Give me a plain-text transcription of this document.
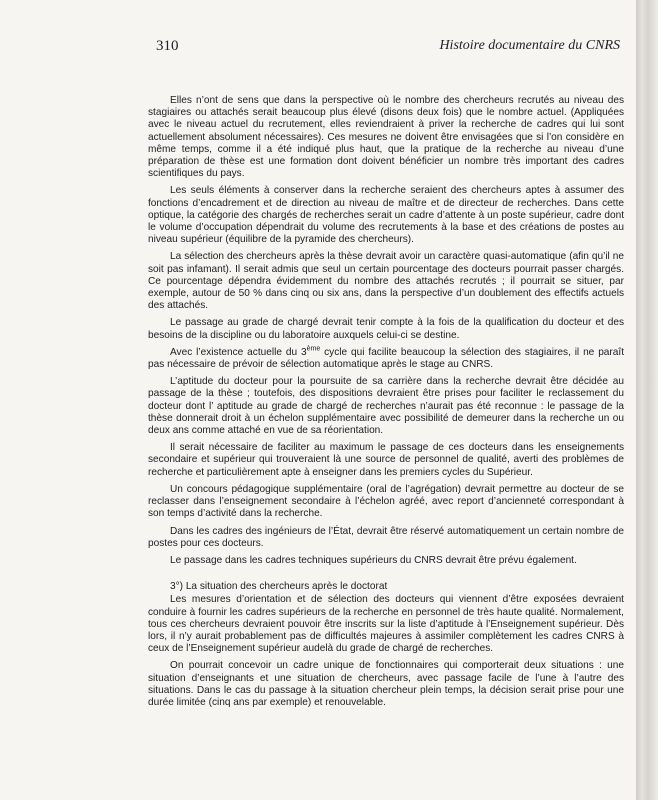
310	Histoire documentaire du CNRS

Elles n’ont de sens que dans la perspective où le nombre des chercheurs recrutés au niveau des stagiaires ou attachés serait beaucoup plus élevé (disons deux fois) que le nombre actuel. (Appliquées avec le niveau actuel du recrutement, elles reviendraient à priver la recherche de cadres qui lui sont actuellement absolument nécessaires). Ces mesures ne doivent être envisagées que si l’on considère en même temps, comme il a été indiqué plus haut, que la pratique de la recherche au niveau d’une préparation de thèse est une formation dont doivent bénéficier un nombre très important des cadres scientifiques du pays.

Les seuls éléments à conserver dans la recherche seraient des chercheurs aptes à assumer des fonctions d’encadrement et de direction au niveau de maître et de directeur de recherches. Dans cette optique, la catégorie des chargés de recherches serait un cadre d’attente à un poste supérieur, cadre dont le volume d’occupation dépendrait du volume des recrutements à la base et des créations de postes au niveau supérieur (équilibre de la pyramide des chercheurs).

La sélection des chercheurs après la thèse devrait avoir un caractère quasi-automatique (afin qu’il ne soit pas infamant). Il serait admis que seul un certain pourcentage des docteurs pourrait passer chargés. Ce pourcentage dépendra évidemment du nombre des attachés recrutés ; il pourrait se situer, par exemple, autour de 50 % dans cinq ou six ans, dans la perspective d’un doublement des effectifs actuels des attachés.

Le passage au grade de chargé devrait tenir compte à la fois de la qualification du docteur et des besoins de la discipline ou du laboratoire auxquels celui-ci se destine.

Avec l’existence actuelle du 3ème cycle qui facilite beaucoup la sélection des stagiaires, il ne paraît pas nécessaire de prévoir de sélection automatique après le stage au CNRS.

L’aptitude du docteur pour la poursuite de sa carrière dans la recherche devrait être décidée au passage de la thèse ; toutefois, des dispositions devraient être prises pour faciliter le reclassement du docteur dont l’ aptitude au grade de chargé de recherches n’aurait pas été reconnue : le passage de la thèse donnerait droit à un échelon supplémentaire avec possibilité de demeurer dans la recherche un ou deux ans comme attaché en vue de sa réorientation.

Il serait nécessaire de faciliter au maximum le passage de ces docteurs dans les enseignements secondaire et supérieur qui trouveraient là une source de personnel de qualité, averti des problèmes de recherche et particulièrement apte à enseigner dans les premiers cycles du Supérieur.

Un concours pédagogique supplémentaire (oral de l’agrégation) devrait permettre au docteur de se reclasser dans l’enseignement secondaire à l’échelon agréé, avec report d’ancienneté correspondant à son temps d’activité dans la recherche.

Dans les cadres des ingénieurs de l’État, devrait être réservé automatiquement un certain nombre de postes pour ces docteurs.

Le passage dans les cadres techniques supérieurs du CNRS devrait être prévu également.

3°) La situation des chercheurs après le doctorat

Les mesures d’orientation et de sélection des docteurs qui viennent d’être exposées devraient conduire à fournir les cadres supérieurs de la recherche en personnel de très haute qualité. Normalement, tous ces chercheurs devraient pouvoir être inscrits sur la liste d’aptitude à l’Enseignement supérieur. Dès lors, il n’y aurait probablement pas de difficultés majeures à assimiler complètement les cadres CNRS à ceux de l’Enseignement supérieur audelà du grade de chargé de recherches.

On pourrait concevoir un cadre unique de fonctionnaires qui comporterait deux situations : une situation d’enseignants et une situation de chercheurs, avec passage facile de l’une à l’autre des situations. Dans le cas du passage à la situation chercheur plein temps, la décision serait prise pour une durée limitée (cinq ans par exemple) et renouvelable.
